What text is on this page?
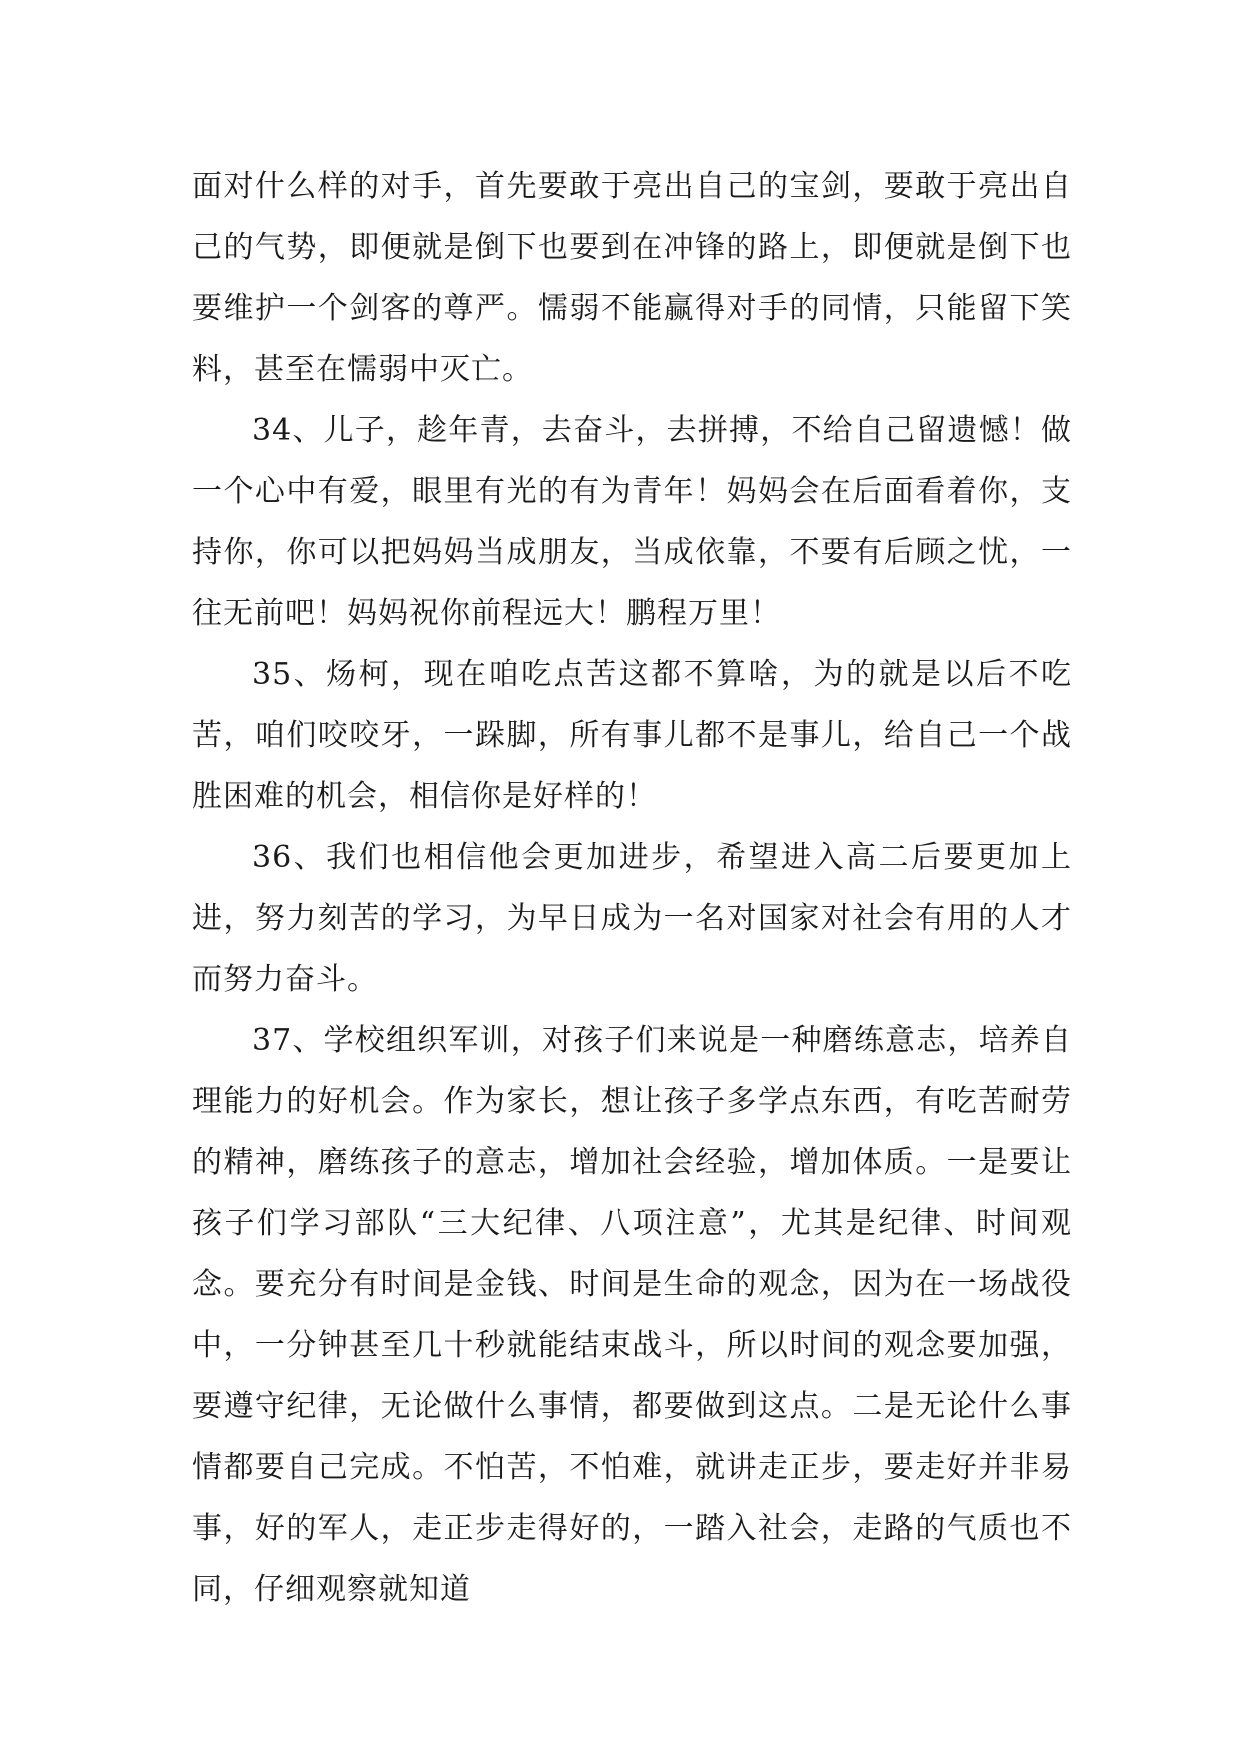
面对什么样的对手，首先要敢于亮出自己的宝剑，要敢于亮出自己的气势，即便就是倒下也要到在冲锋的路上，即便就是倒下也要维护一个剑客的尊严。懦弱不能赢得对手的同情，只能留下笑料，甚至在懦弱中灭亡。

34、儿子，趁年青，去奋斗，去拼搏，不给自己留遗憾！做一个心中有爱，眼里有光的有为青年！妈妈会在后面看着你，支持你，你可以把妈妈当成朋友，当成依靠，不要有后顾之忧，一往无前吧！妈妈祝你前程远大！鹏程万里！

35、炀柯，现在咱吃点苦这都不算啥，为的就是以后不吃苦，咱们咬咬牙，一跺脚，所有事儿都不是事儿，给自己一个战胜困难的机会，相信你是好样的！

36、我们也相信他会更加进步，希望进入高二后要更加上进，努力刻苦的学习，为早日成为一名对国家对社会有用的人才而努力奋斗。

37、学校组织军训，对孩子们来说是一种磨练意志，培养自理能力的好机会。作为家长，想让孩子多学点东西，有吃苦耐劳的精神，磨练孩子的意志，增加社会经验，增加体质。一是要让孩子们学习部队“三大纪律、八项注意”，尤其是纪律、时间观念。要充分有时间是金钱、时间是生命的观念，因为在一场战役中，一分钟甚至几十秒就能结束战斗，所以时间的观念要加强，要遵守纪律，无论做什么事情，都要做到这点。二是无论什么事情都要自己完成。不怕苦，不怕难，就讲走正步，要走好并非易事，好的军人，走正步走得好的，一踏入社会，走路的气质也不同，仔细观察就知道
